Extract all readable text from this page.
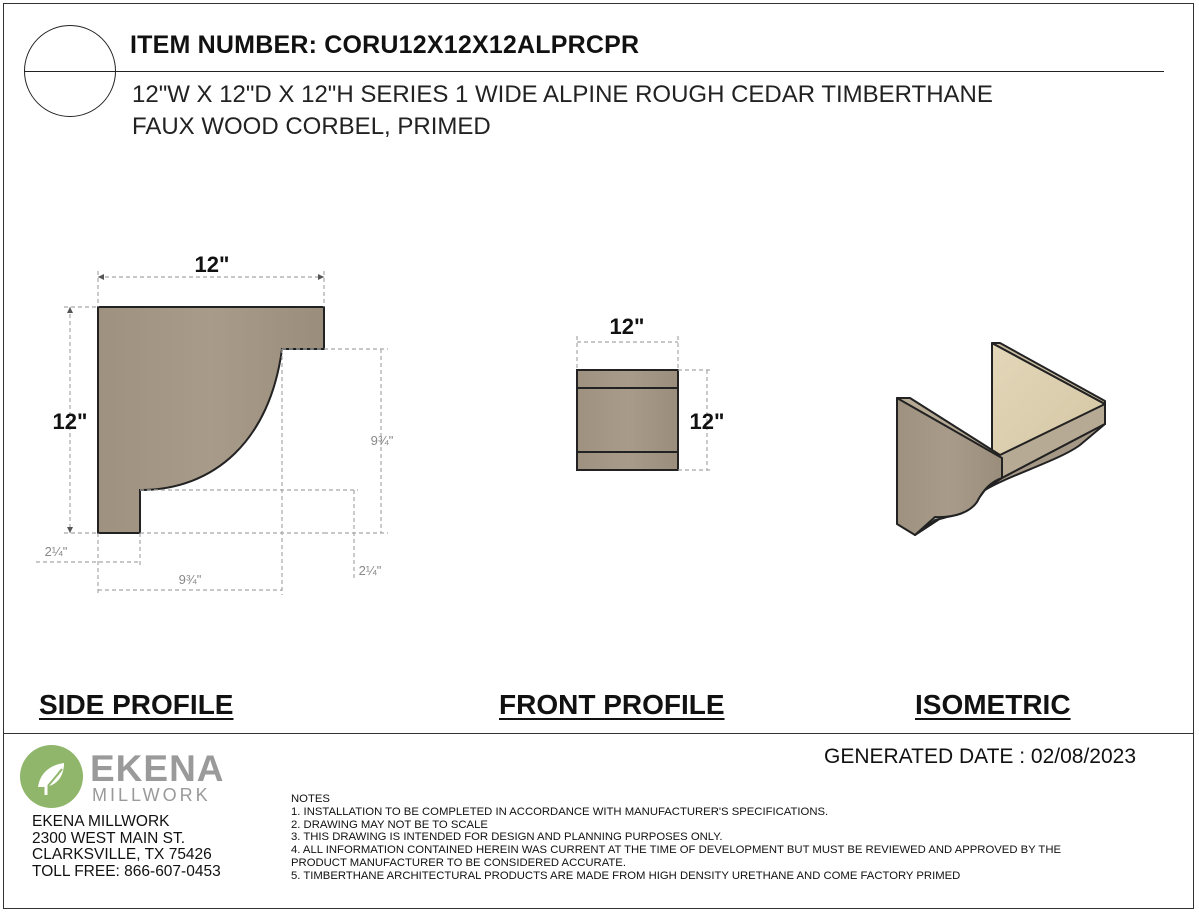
ITEM NUMBER: CORU12X12X12ALPRCPR
12"W X 12"D X 12"H SERIES 1 WIDE ALPINE ROUGH CEDAR TIMBERTHANE
FAUX WOOD CORBEL, PRIMED
12"
12"
9¾"
2¼"
9¾"
2¼"
12"
12"
SIDE PROFILE	FRONT PROFILE	ISOMETRIC
GENERATED DATE : 02/08/2023
EKENA
MILLWORK
EKENA MILLWORK
2300 WEST MAIN ST.
CLARKSVILLE, TX 75426
TOLL FREE: 866-607-0453
NOTES
1. INSTALLATION TO BE COMPLETED IN ACCORDANCE WITH MANUFACTURER'S SPECIFICATIONS.
2. DRAWING MAY NOT BE TO SCALE
3. THIS DRAWING IS INTENDED FOR DESIGN AND PLANNING PURPOSES ONLY.
4. ALL INFORMATION CONTAINED HEREIN WAS CURRENT AT THE TIME OF DEVELOPMENT BUT MUST BE REVIEWED AND APPROVED BY THE
PRODUCT MANUFACTURER TO BE CONSIDERED ACCURATE.
5. TIMBERTHANE ARCHITECTURAL PRODUCTS ARE MADE FROM HIGH DENSITY URETHANE AND COME FACTORY PRIMED
